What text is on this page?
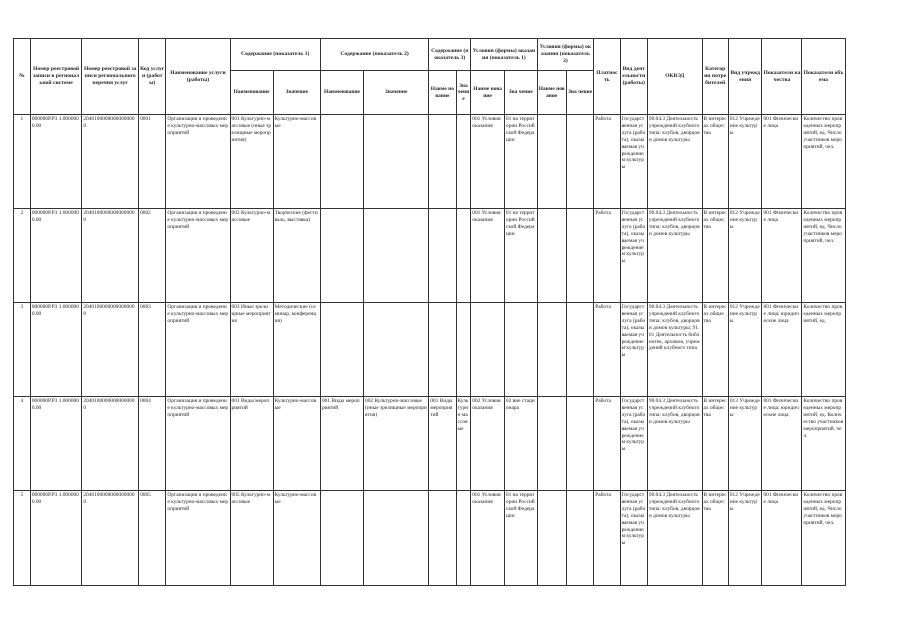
№	Номер реестровой записи в региональной системе	Номер реестровой записи регионального перечня услуг	Код услуги (работы)	Наименование услуги (работы)	Содержание (показатель 1)		Содержание (показатель 2)		Содержание (показатель 3)		Условия (формы) оказания (показатель 1)		Условия (формы) оказания (показатель 2)		Платность	Вид деятельности (работы)	ОКВЭД	Категории потребителей	Вид учреждения	Показатели качества	Показатели объема
					Наименование	Значение	Наименование	Значение	Наиме нование	Зна чение	Наиме нование	Зна чение	Наиме нование	Зна чение							
1	000000Р.Р3 1.0000000.00	20401000000000000000	0001	Организация и проведение культурно-массовых мероприятий	001 Культурно-массовые (иные зрелищные мероприятия)	Культурно-массовые					001 Условия оказания	01 на территории Российской Федерации			Работа	Государственная услуга (работа), оказываемая учреждением культуры	90.04.3 Деятельность учреждений клубного типа: клубов, дворцов и домов культуры	В интересах общества	012 Учреждение культуры	001 Физические лица	Количество проведенных мероприятий, ед. Число участников мероприятий, чел.
2	000000Р.Р3 1.0000000.00	20401000000000000000	0002	Организация и проведение культурно-массовых мероприятий	002 Культурно-массовые	Творческие (фестиваль, выставка)					001 Условия оказания	01 на территории Российской Федерации			Работа	Государственная услуга (работа), оказываемая учреждением культуры	90.04.3 Деятельность учреждений клубного типа: клубов, дворцов и домов культуры	В интересах общества	012 Учреждение культуры	001 Физические лица	Количество проведенных мероприятий, ед. Число участников мероприятий, чел.
3	000000Р.Р3 1.0000000.00	20401000000000000000	0003	Организация и проведение культурно-массовых мероприятий	003 Иные зрелищные мероприятия	Методические (семинар, конференция)									Работа	Государственная услуга (работа), оказываемая учреждением культуры	90.04.3 Деятельность учреждений клубного типа: клубов, дворцов и домов культуры; 91.01 Деятельность библиотек, архивов, учреждений клубного типа	В интересах общества	012 Учреждение культуры	001 Физические лица; юридические лица	Количество проведенных мероприятий, ед.
4	000000Р.Р3 1.0000000.00	20401000000000000000	0004	Организация и проведение культурно-массовых мероприятий	001 Виды мероприятий	Культурно-массовые	001 Виды мероприятий	002 Культурно-массовые (иные зрелищные мероприятия)	001 Виды мероприятий	Культурно-массовые	002 Условия оказания	02 вне стационара			Работа	Государственная услуга (работа), оказываемая учреждением культуры	90.04.3 Деятельность учреждений клубного типа: клубов, дворцов и домов культуры	В интересах общества	013 Учреждение культуры	001 Физические лица; юридические лица	Количество проведенных мероприятий, ед. Количество участников мероприятий, чел.
5	000000Р.Р3 1.0000000.00	20401000000000000000	0005	Организация и проведение культурно-массовых мероприятий	005 Культурно-массовые	Культурно-массовые					001 Условия оказания	01 на территории Российской Федерации			Работа	Государственная услуга (работа), оказываемая учреждением культуры	90.04.3 Деятельность учреждений клубного типа: клубов, дворцов и домов культуры	В интересах общества	012 Учреждение культуры	001 Физические лица	Количество проведенных мероприятий, ед. Число участников мероприятий, чел.
